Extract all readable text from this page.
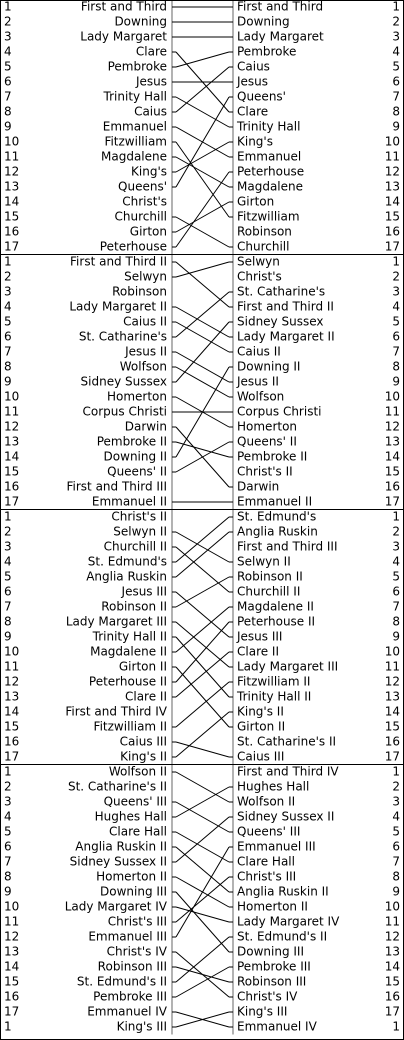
1	First and Third
2	Downing
3	Lady Margaret
4	Clare
5	Pembroke
6	Jesus
7	Trinity Hall
8	Caius
9	Emmanuel
10	Fitzwilliam
11	Magdalene
12	King's
13	Queens'
14	Christ's
15	Churchill
16	Girton
17	Peterhouse
First and Third	1
Downing	2
Lady Margaret	3
Pembroke	4
Caius	5
Jesus	6
Queens'	7
Clare	8
Trinity Hall	9
King's	10
Emmanuel	11
Peterhouse	12
Magdalene	13
Girton	14
Fitzwilliam	15
Robinson	16
Churchill	17
1	First and Third II
2	Selwyn
3	Robinson
4	Lady Margaret II
5	Caius II
6	St. Catharine's
7	Jesus II
8	Wolfson
9	Sidney Sussex
10	Homerton
11	Corpus Christi
12	Darwin
13	Pembroke II
14	Downing II
15	Queens' II
16	First and Third III
17	Emmanuel II
Selwyn	1
Christ's	2
St. Catharine's	3
First and Third II	4
Sidney Sussex	5
Lady Margaret II	6
Caius II	7
Downing II	8
Jesus II	9
Wolfson	10
Corpus Christi	11
Homerton	12
Queens' II	13
Pembroke II	14
Christ's II	15
Darwin	16
Emmanuel II	17
1	Christ's II
2	Selwyn II
3	Churchill II
4	St. Edmund's
5	Anglia Ruskin
6	Jesus III
7	Robinson II
8	Lady Margaret III
9	Trinity Hall II
10	Magdalene II
11	Girton II
12	Peterhouse II
13	Clare II
14	First and Third IV
15	Fitzwilliam II
16	Caius III
17	King's II
St. Edmund's	1
Anglia Ruskin	2
First and Third III	3
Selwyn II	4
Robinson II	5
Churchill II	6
Magdalene II	7
Peterhouse II	8
Jesus III	9
Clare II	10
Lady Margaret III	11
Fitzwilliam II	12
Trinity Hall II	13
King's II	14
Girton II	15
St. Catharine's II	16
Caius III	17
1	Wolfson II
2	St. Catharine's II
3	Queens' III
4	Hughes Hall
5	Clare Hall
6	Anglia Ruskin II
7	Sidney Sussex II
8	Homerton II
9	Downing III
10	Lady Margaret IV
11	Christ's III
12	Emmanuel III
13	Christ's IV
14	Robinson III
15	St. Edmund's II
16	Pembroke III
17	Emmanuel IV
1	King's III
First and Third IV	1
Hughes Hall	2
Wolfson II	3
Sidney Sussex II	4
Queens' III	5
Emmanuel III	6
Clare Hall	7
Christ's III	8
Anglia Ruskin II	9
Homerton II	10
Lady Margaret IV	11
St. Edmund's II	12
Downing III	13
Pembroke III	14
Robinson III	15
Christ's IV	16
King's III	17
Emmanuel IV	1
